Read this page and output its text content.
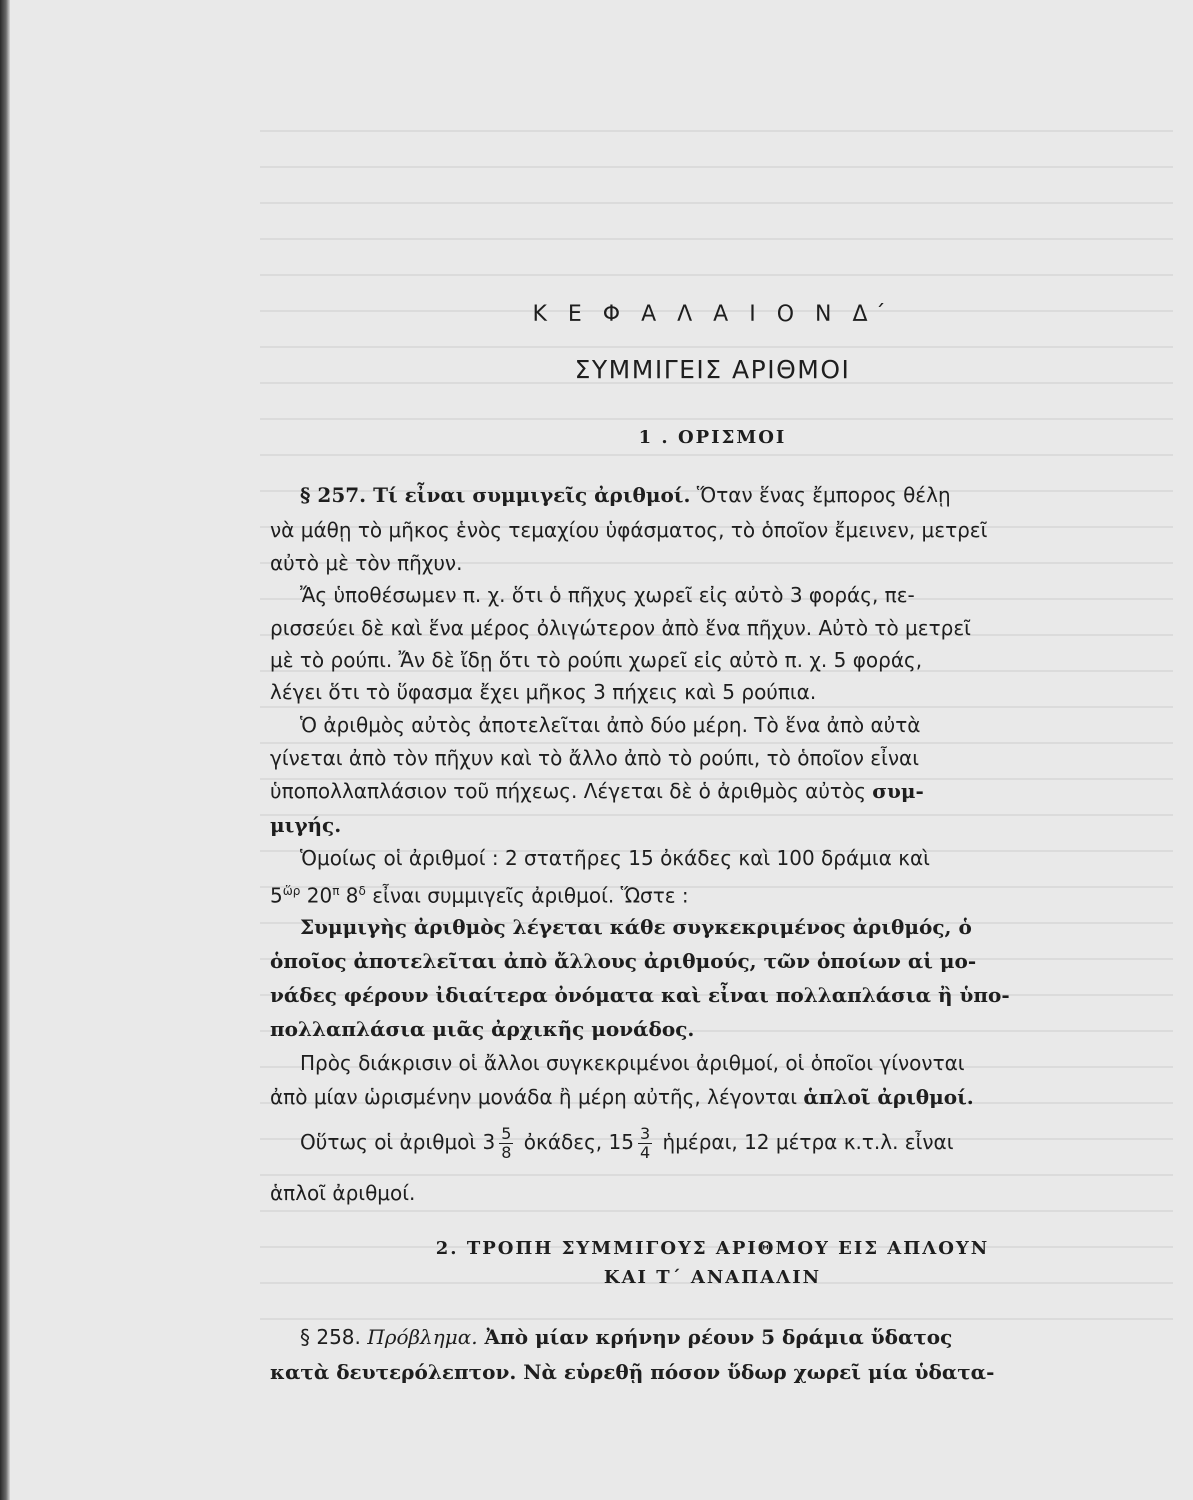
Κ Ε Φ Α Λ Α Ι Ο Ν Δ΄
ΣΥΜΜΙΓΕΙΣ ΑΡΙΘΜΟΙ
1 . ΟΡΙΣΜΟΙ

§ 257. Τί εἶναι συμμιγεῖς ἀριθμοί. Ὅταν ἕνας ἔμπορος θέλῃ

νὰ μάθῃ τὸ μῆκος ἑνὸς τεμαχίου ὑφάσματος, τὸ ὁποῖον ἔμεινεν, μετρεῖ

αὐτὸ μὲ τὸν πῆχυν.

Ἄς ὑποθέσωμεν π. χ. ὅτι ὁ πῆχυς χωρεῖ εἰς αὐτὸ 3 φοράς, πε-

ρισσεύει δὲ καὶ ἕνα μέρος ὀλιγώτερον ἀπὸ ἕνα πῆχυν. Αὐτὸ τὸ μετρεῖ

μὲ τὸ ρούπι. Ἄν δὲ ἴδῃ ὅτι τὸ ρούπι χωρεῖ εἰς αὐτὸ π. χ. 5 φοράς,

λέγει ὅτι τὸ ὕφασμα ἔχει μῆκος 3 πήχεις καὶ 5 ρούπια.

Ὁ ἀριθμὸς αὐτὸς ἀποτελεῖται ἀπὸ δύο μέρη. Τὸ ἕνα ἀπὸ αὐτὰ

γίνεται ἀπὸ τὸν πῆχυν καὶ τὸ ἄλλο ἀπὸ τὸ ρούπι, τὸ ὁποῖον εἶναι

ὑποπολλαπλάσιον τοῦ πήχεως. Λέγεται δὲ ὁ ἀριθμὸς αὐτὸς συμ-

μιγής.

Ὁμοίως οἱ ἀριθμοί : 2 στατῆρες 15 ὀκάδες καὶ 100 δράμια καὶ

$5^{ὥ\rho}$ $20^\pi$ $8^\delta$ εἶναι συμμιγεῖς ἀριθμοί. Ὥστε :

Συμμιγὴς ἀριθμὸς λέγεται κάθε συγκεκριμένος ἀριθμός, ὁ

ὁποῖος ἀποτελεῖται ἀπὸ ἄλλους ἀριθμούς, τῶν ὁποίων αἱ μο-

νάδες φέρουν ἰδιαίτερα ὀνόματα καὶ εἶναι πολλαπλάσια ἢ ὑπο-

πολλαπλάσια μιᾶς ἀρχικῆς μονάδος.

Πρὸς διάκρισιν οἱ ἄλλοι συγκεκριμένοι ἀριθμοί, οἱ ὁποῖοι γίνονται

ἀπὸ μίαν ὡρισμένην μονάδα ἢ μέρη αὐτῆς, λέγονται ἁπλοῖ ἀριθμοί.

Οὕτως οἱ ἀριθμοὶ $3 \frac{5}{8}$ ὀκάδες, $15 \frac{3}{4}$ ἡμέραι, 12 μέτρα κ.τ.λ. εἶναι

ἁπλοῖ ἀριθμοί.

2. ΤΡΟΠΗ ΣΥΜΜΙΓΟΥΣ ΑΡΙΘΜΟΥ ΕΙΣ ΑΠΛΟΥΝ
ΚΑΙ Τ΄ ΑΝΑΠΑΛΙΝ

§ 258. Πρόβλημα. Ἀπὸ μίαν κρήνην ρέουν 5 δράμια ὕδατος

κατὰ δευτερόλεπτον. Νὰ εὑρεθῇ πόσον ὕδωρ χωρεῖ μία ὑδατα-
